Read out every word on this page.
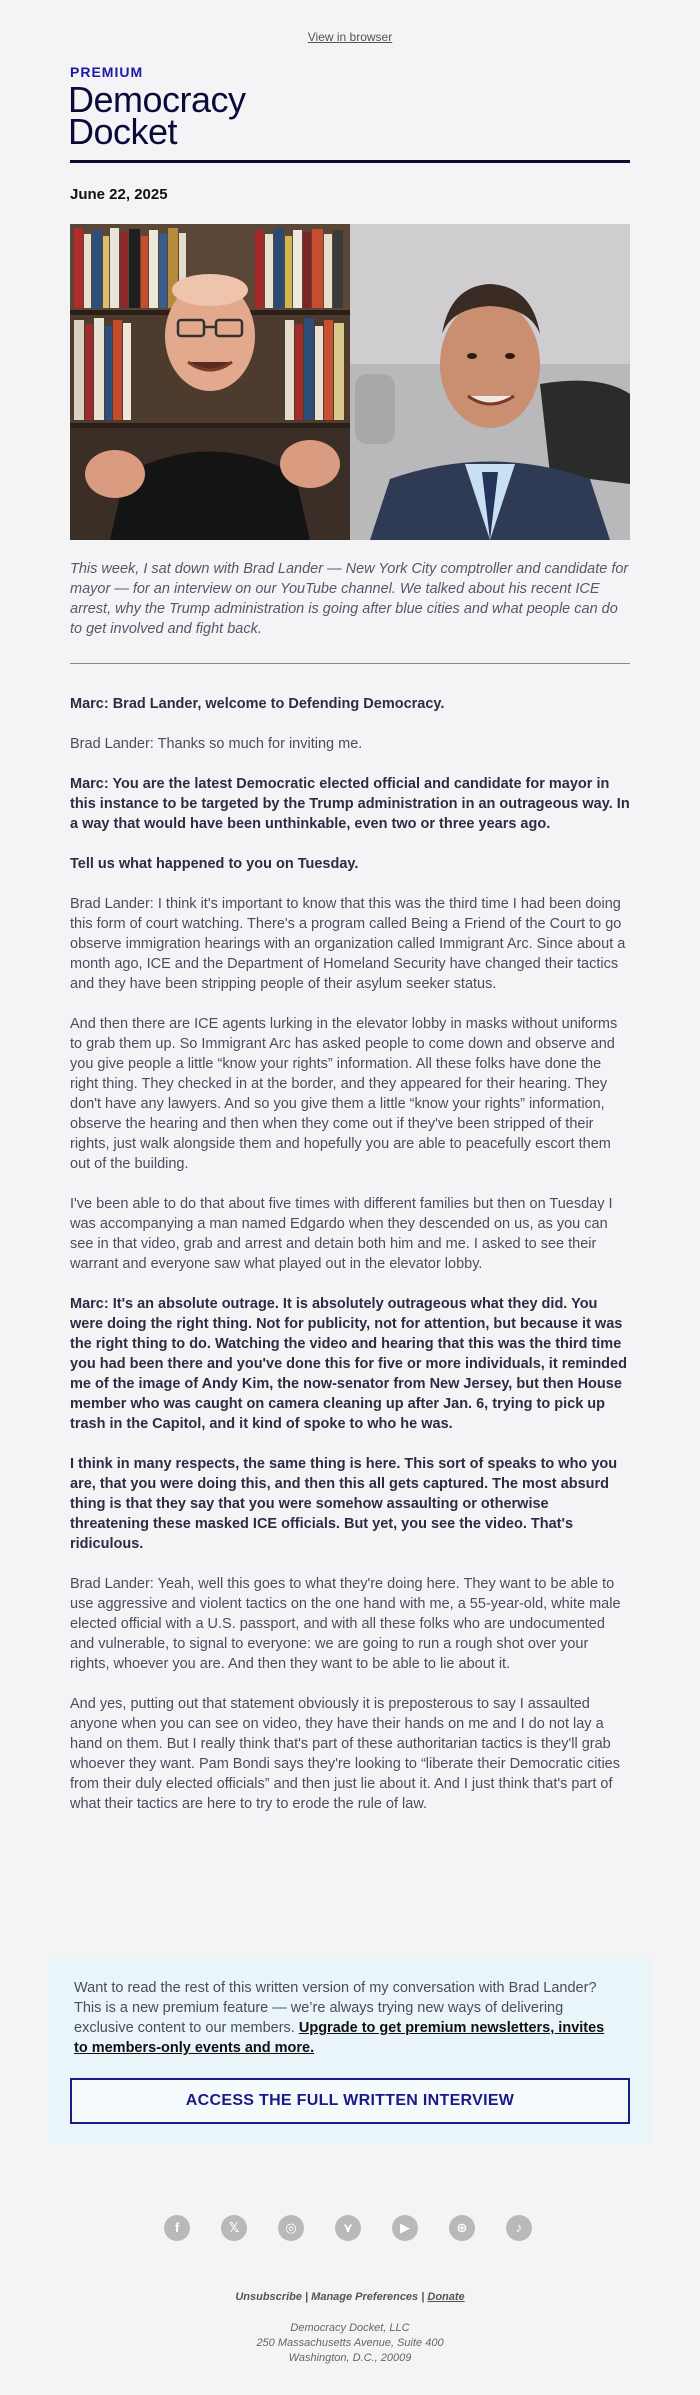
View in browser
PREMIUM
Democracy
Docket
June 22, 2025
This week, I sat down with Brad Lander — New York City comptroller and candidate for mayor — for an interview on our YouTube channel. We talked about his recent ICE arrest, why the Trump administration is going after blue cities and what people can do to get involved and fight back.

Marc: Brad Lander, welcome to Defending Democracy.

Brad Lander: Thanks so much for inviting me.

Marc: You are the latest Democratic elected official and candidate for mayor in this instance to be targeted by the Trump administration in an outrageous way. In a way that would have been unthinkable, even two or three years ago.

Tell us what happened to you on Tuesday.

Brad Lander: I think it's important to know that this was the third time I had been doing this form of court watching. There's a program called Being a Friend of the Court to go observe immigration hearings with an organization called Immigrant Arc. Since about a month ago, ICE and the Department of Homeland Security have changed their tactics and they have been stripping people of their asylum seeker status.

And then there are ICE agents lurking in the elevator lobby in masks without uniforms to grab them up. So Immigrant Arc has asked people to come down and observe and you give people a little “know your rights” information. All these folks have done the right thing. They checked in at the border, and they appeared for their hearing. They don't have any lawyers. And so you give them a little “know your rights” information, observe the hearing and then when they come out if they've been stripped of their rights, just walk alongside them and hopefully you are able to peacefully escort them out of the building.

I've been able to do that about five times with different families but then on Tuesday I was accompanying a man named Edgardo when they descended on us, as you can see in that video, grab and arrest and detain both him and me. I asked to see their warrant and everyone saw what played out in the elevator lobby.

Marc: It's an absolute outrage. It is absolutely outrageous what they did. You were doing the right thing. Not for publicity, not for attention, but because it was the right thing to do. Watching the video and hearing that this was the third time you had been there and you've done this for five or more individuals, it reminded me of the image of Andy Kim, the now-senator from New Jersey, but then House member who was caught on camera cleaning up after Jan. 6, trying to pick up trash in the Capitol, and it kind of spoke to who he was.

I think in many respects, the same thing is here. This sort of speaks to who you are, that you were doing this, and then this all gets captured. The most absurd thing is that they say that you were somehow assaulting or otherwise threatening these masked ICE officials. But yet, you see the video. That's ridiculous.

Brad Lander: Yeah, well this goes to what they're doing here. They want to be able to use aggressive and violent tactics on the one hand with me, a 55-year-old, white male elected official with a U.S. passport, and with all these folks who are undocumented and vulnerable, to signal to everyone: we are going to run a rough shot over your rights, whoever you are. And then they want to be able to lie about it.

And yes, putting out that statement obviously it is preposterous to say I assaulted anyone when you can see on video, they have their hands on me and I do not lay a hand on them. But I really think that's part of these authoritarian tactics is they'll grab whoever they want. Pam Bondi says they're looking to “liberate their Democratic cities from their duly elected officials” and then just lie about it. And I just think that's part of what their tactics are here to try to erode the rule of law.

Want to read the rest of this written version of my conversation with Brad Lander? This is a new premium feature — we’re always trying new ways of delivering exclusive content to our members. Upgrade to get premium newsletters, invites to members-only events and more.
ACCESS THE FULL WRITTEN INTERVIEW
f	𝕏	◎	⋎	▶	⊕	♪
Unsubscribe | Manage Preferences | Donate
Democracy Docket, LLC
250 Massachusetts Avenue, Suite 400
Washington, D.C., 20009
